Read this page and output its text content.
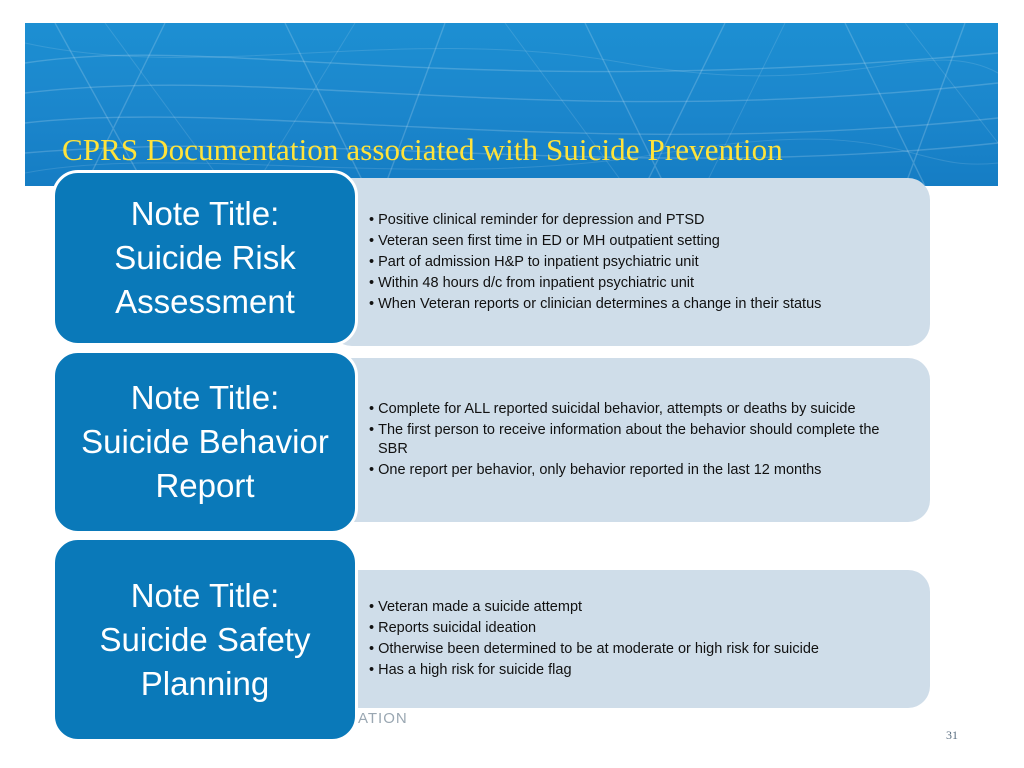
CPRS Documentation associated with Suicide Prevention
• Positive clinical reminder for depression and PTSD
• Veteran seen first time in ED or MH outpatient setting
• Part of admission H&P to inpatient psychiatric unit
• Within 48 hours d/c from inpatient psychiatric unit
• When Veteran reports or clinician determines a change in their status
Note Title:
Suicide Risk Assessment
• Complete for ALL reported suicidal behavior, attempts or deaths by suicide
• The first person to receive information about the behavior should complete the SBR
• One report per behavior, only behavior reported in the last 12 months
Note Title:
Suicide Behavior Report
• Veteran made a suicide attempt
• Reports suicidal ideation
• Otherwise been determined to be at moderate or high risk for suicide
• Has a high risk for suicide flag
Note Title:
Suicide Safety Planning
ATION
31
